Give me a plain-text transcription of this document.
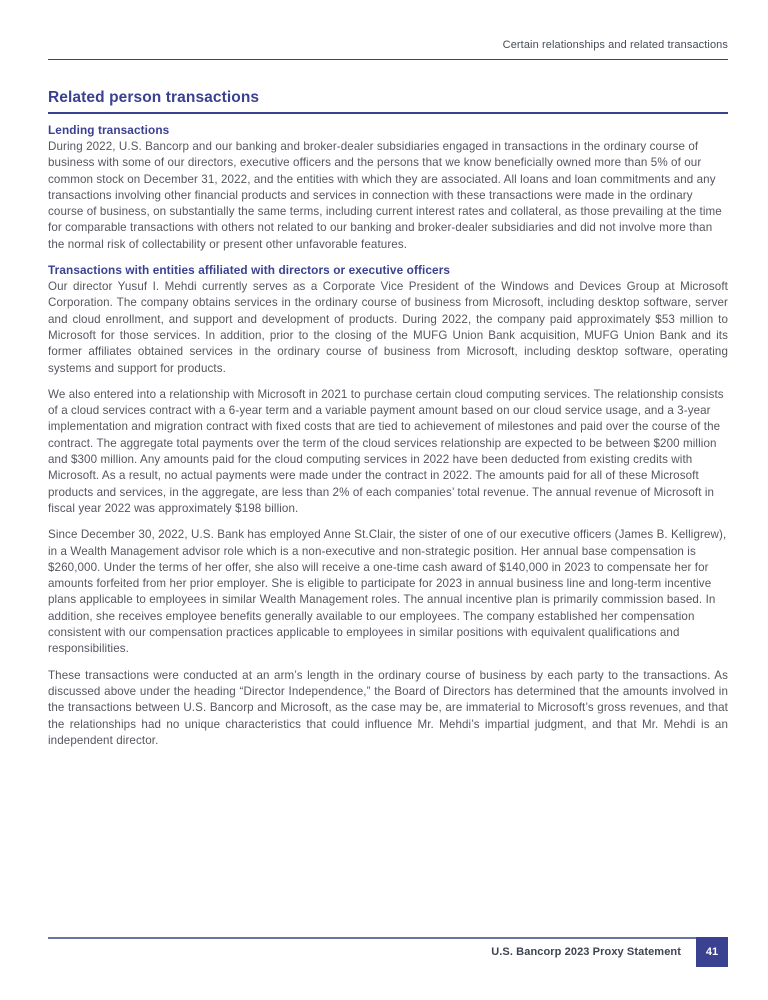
Certain relationships and related transactions
Related person transactions
Lending transactions

During 2022, U.S. Bancorp and our banking and broker-dealer subsidiaries engaged in transactions in the ordinary course of business with some of our directors, executive officers and the persons that we know beneficially owned more than 5% of our common stock on December 31, 2022, and the entities with which they are associated. All loans and loan commitments and any transactions involving other financial products and services in connection with these transactions were made in the ordinary course of business, on substantially the same terms, including current interest rates and collateral, as those prevailing at the time for comparable transactions with others not related to our banking and broker-dealer subsidiaries and did not involve more than the normal risk of collectability or present other unfavorable features.

Transactions with entities affiliated with directors or executive officers

Our director Yusuf I. Mehdi currently serves as a Corporate Vice President of the Windows and Devices Group at Microsoft Corporation. The company obtains services in the ordinary course of business from Microsoft, including desktop software, server and cloud enrollment, and support and development of products. During 2022, the company paid approximately $53 million to Microsoft for those services. In addition, prior to the closing of the MUFG Union Bank acquisition, MUFG Union Bank and its former affiliates obtained services in the ordinary course of business from Microsoft, including desktop software, operating systems and support for products.

We also entered into a relationship with Microsoft in 2021 to purchase certain cloud computing services. The relationship consists of a cloud services contract with a 6-year term and a variable payment amount based on our cloud service usage, and a 3-year implementation and migration contract with fixed costs that are tied to achievement of milestones and paid over the course of the contract. The aggregate total payments over the term of the cloud services relationship are expected to be between $200 million and $300 million. Any amounts paid for the cloud computing services in 2022 have been deducted from existing credits with Microsoft. As a result, no actual payments were made under the contract in 2022. The amounts paid for all of these Microsoft products and services, in the aggregate, are less than 2% of each companies’ total revenue. The annual revenue of Microsoft in fiscal year 2022 was approximately $198 billion.

Since December 30, 2022, U.S. Bank has employed Anne St.Clair, the sister of one of our executive officers (James B. Kelligrew), in a Wealth Management advisor role which is a non-executive and non-strategic position. Her annual base compensation is $260,000. Under the terms of her offer, she also will receive a one-time cash award of $140,000 in 2023 to compensate her for amounts forfeited from her prior employer. She is eligible to participate for 2023 in annual business line and long-term incentive plans applicable to employees in similar Wealth Management roles. The annual incentive plan is primarily commission based. In addition, she receives employee benefits generally available to our employees. The company established her compensation consistent with our compensation practices applicable to employees in similar positions with equivalent qualifications and responsibilities.

These transactions were conducted at an arm’s length in the ordinary course of business by each party to the transactions. As discussed above under the heading “Director Independence,” the Board of Directors has determined that the amounts involved in the transactions between U.S. Bancorp and Microsoft, as the case may be, are immaterial to Microsoft’s gross revenues, and that the relationships had no unique characteristics that could influence Mr. Mehdi’s impartial judgment, and that Mr. Mehdi is an independent director.

U.S. Bancorp 2023 Proxy Statement	41
